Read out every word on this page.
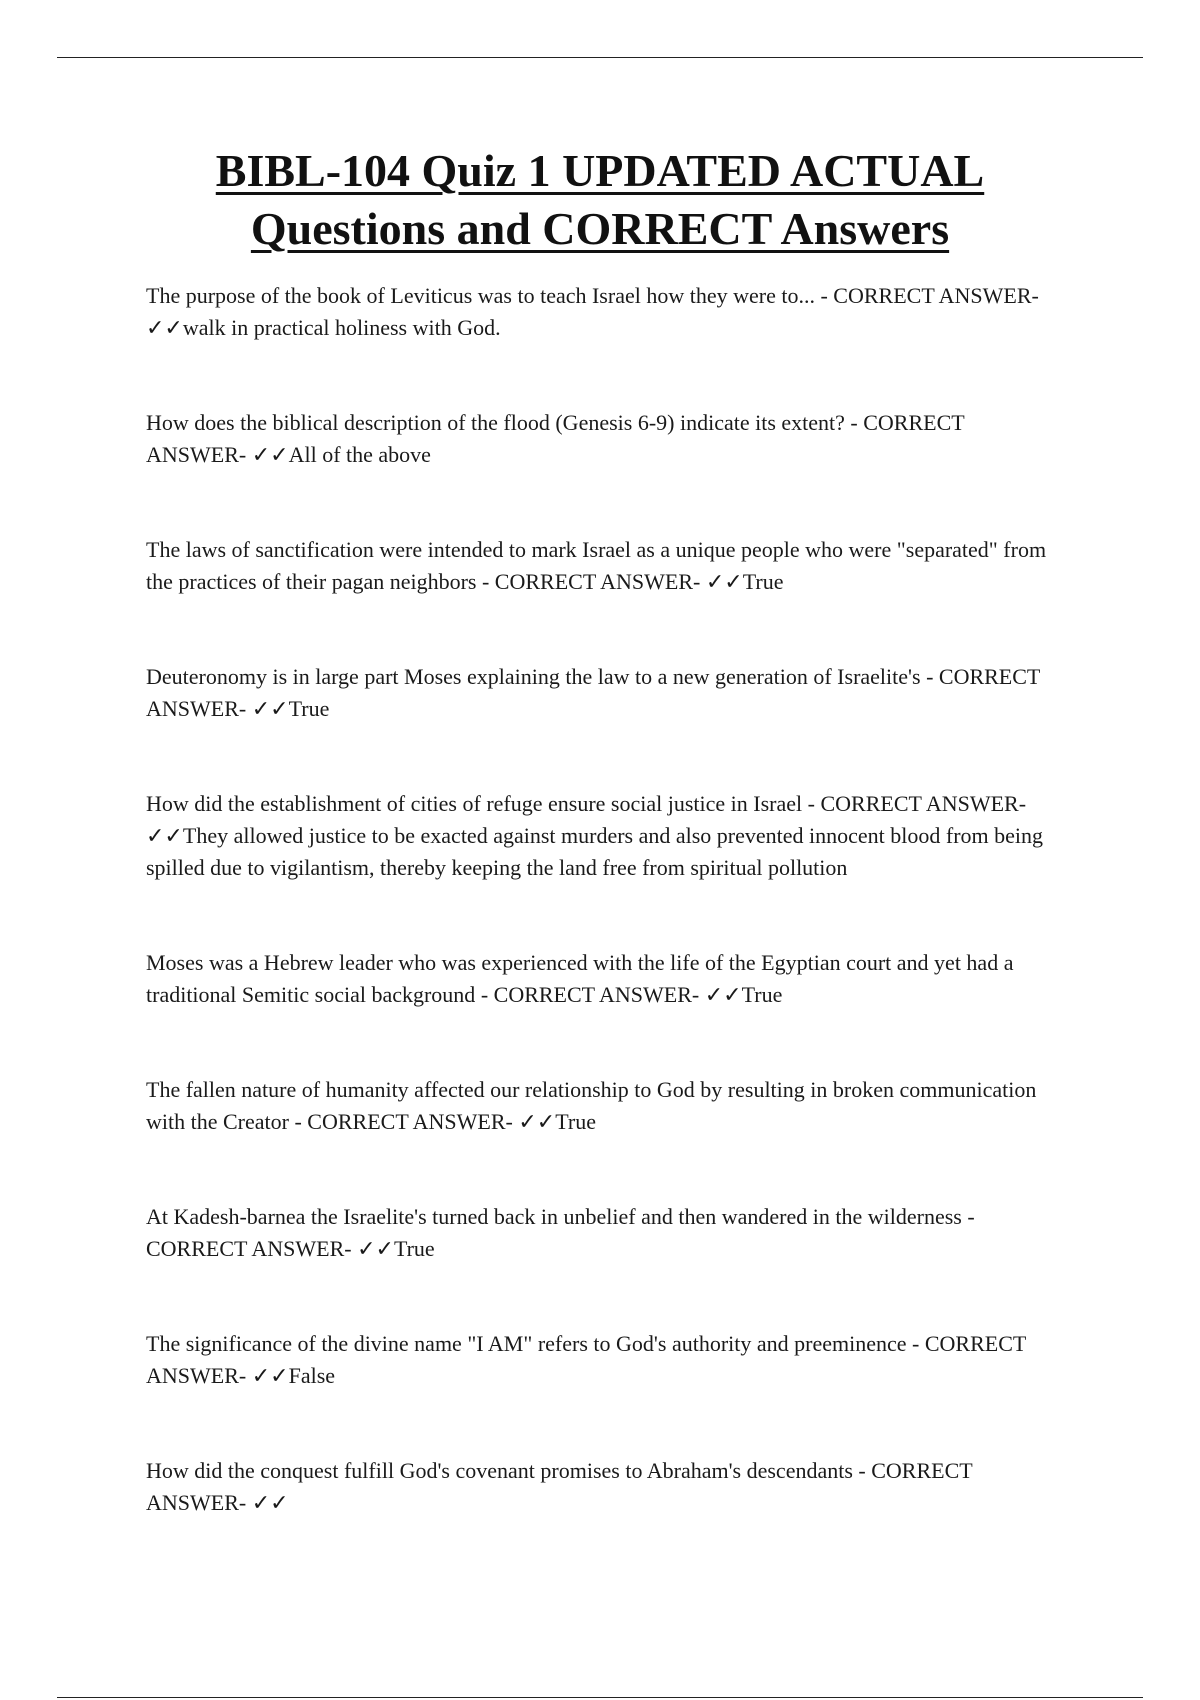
BIBL-104 Quiz 1 UPDATED ACTUAL
Questions and CORRECT Answers
The purpose of the book of Leviticus was to teach Israel how they were to... - CORRECT ANSWER- ✓✓walk in practical holiness with God.
How does the biblical description of the flood (Genesis 6-9) indicate its extent? - CORRECT ANSWER- ✓✓All of the above
The laws of sanctification were intended to mark Israel as a unique people who were "separated" from the practices of their pagan neighbors - CORRECT ANSWER- ✓✓True
Deuteronomy is in large part Moses explaining the law to a new generation of Israelite's - CORRECT ANSWER- ✓✓True
How did the establishment of cities of refuge ensure social justice in Israel - CORRECT ANSWER- ✓✓They allowed justice to be exacted against murders and also prevented innocent blood from being spilled due to vigilantism, thereby keeping the land free from spiritual pollution
Moses was a Hebrew leader who was experienced with the life of the Egyptian court and yet had a traditional Semitic social background - CORRECT ANSWER- ✓✓True
The fallen nature of humanity affected our relationship to God by resulting in broken communication with the Creator - CORRECT ANSWER- ✓✓True
At Kadesh-barnea the Israelite's turned back in unbelief and then wandered in the wilderness - CORRECT ANSWER- ✓✓True
The significance of the divine name "I AM" refers to God's authority and preeminence - CORRECT ANSWER- ✓✓False
How did the conquest fulfill God's covenant promises to Abraham's descendants - CORRECT ANSWER- ✓✓
